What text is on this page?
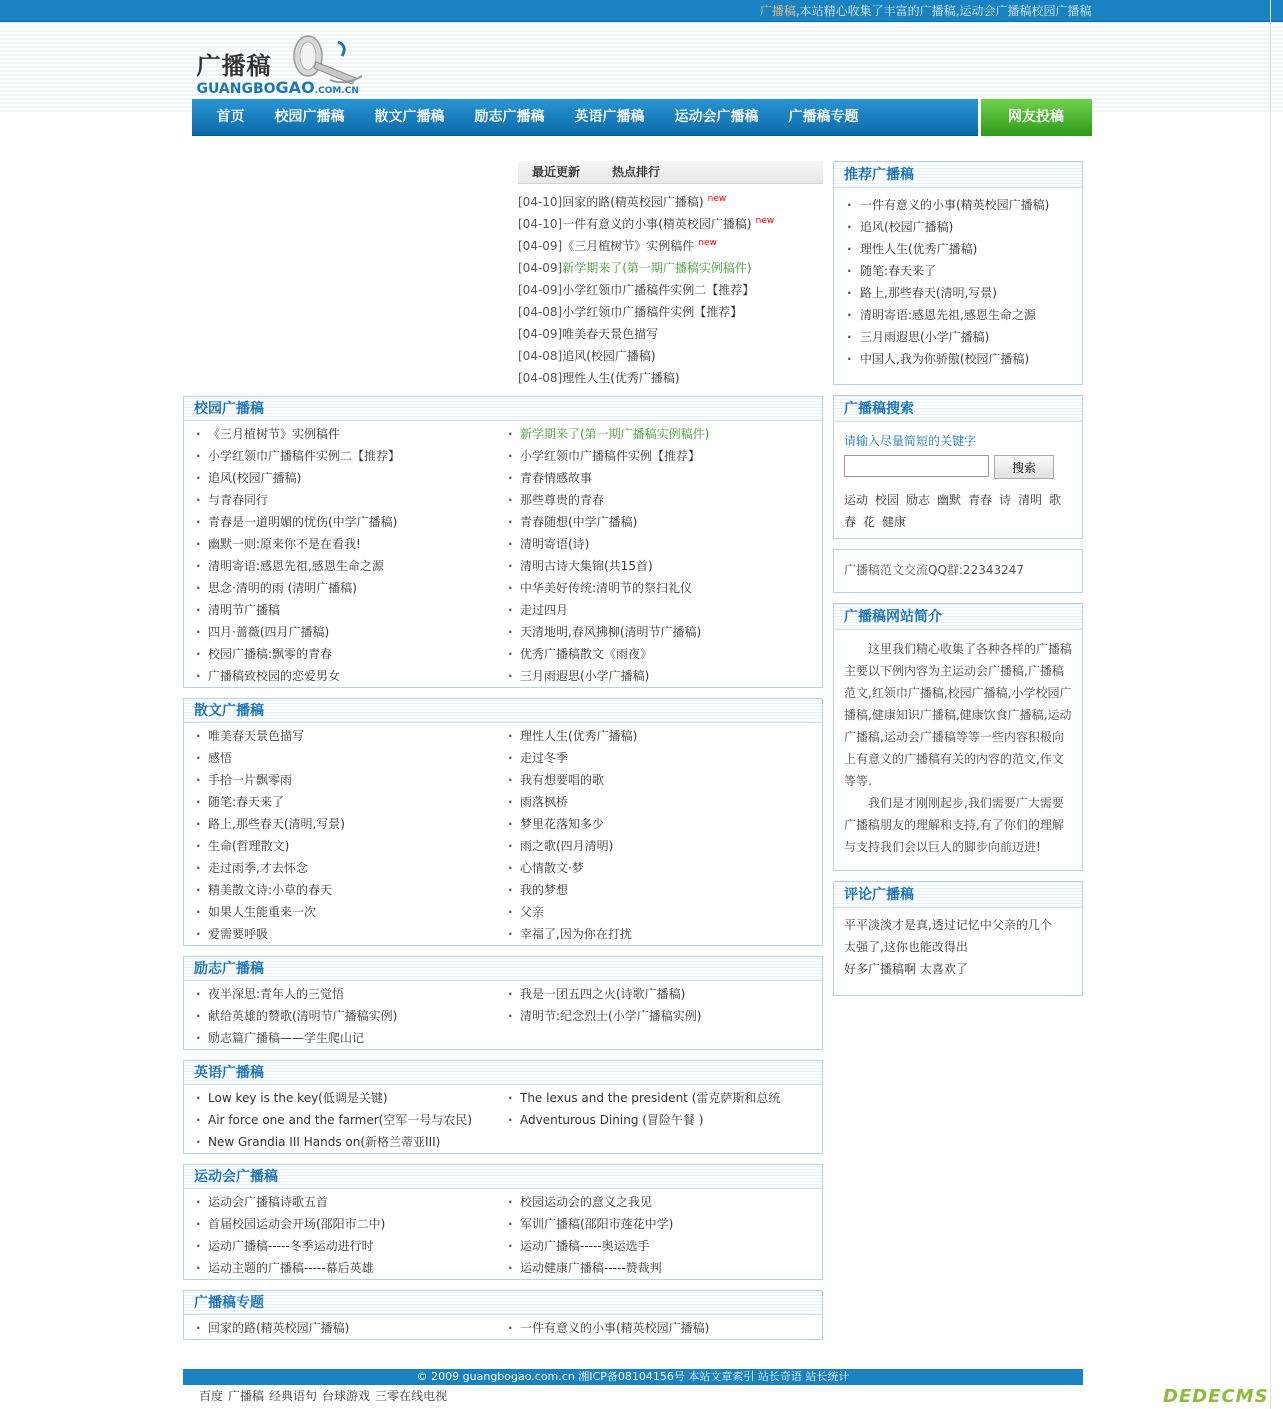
广播稿,本站精心收集了丰富的广播稿,运动会广播稿校园广播稿
广播稿
GUANGBOGAO.COM.CN
首页	校园广播稿	散文广播稿	励志广播稿	英语广播稿	运动会广播稿	广播稿专题	网友投稿
最近更新	热点排行
[04-10]回家的路(精英校园广播稿) $^{new}$
[04-10]一件有意义的小事(精英校园广播稿) $^{new}$
[04-09]《三月植树节》实例稿件 $^{new}$
[04-09]新学期来了(第一期广播稿实例稿件)
[04-09]小学红领巾广播稿件实例二【推荐】
[04-08]小学红领巾广播稿件实例【推荐】
[04-09]唯美春天景色描写
[04-08]追风(校园广播稿)
[04-08]理性人生(优秀广播稿)
校园广播稿
· 《三月植树节》实例稿件	· 新学期来了(第一期广播稿实例稿件)
· 小学红领巾广播稿件实例二【推荐】	· 小学红领巾广播稿件实例【推荐】
· 追风(校园广播稿)	· 青春情感故事
· 与青春同行	· 那些尊贵的青春
· 青春是一道明媚的忧伤(中学广播稿)	· 青春随想(中学广播稿)
· 幽默一则:原来你不是在看我!	· 清明寄语(诗)
· 清明寄语:感恩先祖,感恩生命之源	· 清明古诗大集锦(共15首)
· 思念·清明的雨 (清明广播稿)	· 中华美好传统:清明节的祭扫礼仪
· 清明节广播稿	· 走过四月
· 四月·蔷薇(四月广播稿)	· 天清地明,春风拂柳(清明节广播稿)
· 校园广播稿:飘零的青春	· 优秀广播稿散文《雨夜》
· 广播稿致校园的恋爱男女	· 三月雨遐思(小学广播稿)
散文广播稿
· 唯美春天景色描写	· 理性人生(优秀广播稿)
· 感悟	· 走过冬季
· 手拾一片飘零雨	· 我有想要唱的歌
· 随笔:春天来了	· 雨落枫桥
· 路上,那些春天(清明,写景)	· 梦里花落知多少
· 生命(哲理散文)	· 雨之歌(四月清明)
· 走过雨季,才去怀念	· 心情散文·梦
· 精美散文诗:小草的春天	· 我的梦想
· 如果人生能重来一次	· 父亲
· 爱需要呼吸	· 幸福了,因为你在打扰
励志广播稿
· 夜半深思:青年人的三觉悟	· 我是一团五四之火(诗歌广播稿)
· 献给英雄的赞歌(清明节广播稿实例)	· 清明节:纪念烈士(小学广播稿实例)
· 励志篇广播稿——学生爬山记
英语广播稿
· Low key is the key(低调是关键)	· The lexus and the president (雷克萨斯和总统
· Air force one and the farmer(空军一号与农民)	· Adventurous Dining (冒险午餐 )
· New Grandia III Hands on(新格兰蒂亚III)
运动会广播稿
· 运动会广播稿诗歌五首	· 校园运动会的意义之我见
· 首届校园运动会开场(邵阳市二中)	· 军训广播稿(邵阳市莲花中学)
· 运动广播稿-----冬季运动进行时	· 运动广播稿-----奥运选手
· 运动主题的广播稿-----幕后英雄	· 运动健康广播稿-----赞裁判
广播稿专题
· 回家的路(精英校园广播稿)	· 一件有意义的小事(精英校园广播稿)
推荐广播稿
· 一件有意义的小事(精英校园广播稿)
· 追风(校园广播稿)
· 理性人生(优秀广播稿)
· 随笔:春天来了
· 路上,那些春天(清明,写景)
· 清明寄语:感恩先祖,感恩生命之源
· 三月雨遐思(小学广播稿)
· 中国人,我为你骄傲(校园广播稿)
广播稿搜索
请输入尽量简短的关键字
搜索
运动 校园 励志 幽默 青春 诗 清明 歌春 花 健康
广播稿范文交流QQ群:22343247
广播稿网站简介

这里我们精心收集了各种各样的广播稿主要以下例内容为主运动会广播稿,广播稿范文,红领巾广播稿,校园广播稿,小学校园广播稿,健康知识广播稿,健康饮食广播稿,运动广播稿,运动会广播稿等等一些内容积极向上有意义的广播稿有关的内容的范文,作文等等.

我们是才刚刚起步,我们需要广大需要广播稿朋友的理解和支持,有了你们的理解与支持我们会以巨人的脚步向前迈进!

评论广播稿
平平淡淡才是真,透过记忆中父亲的几个
太强了,这你也能改得出
好多广播稿啊 太喜欢了
© 2009 guangbogao.com.cn 湘ICP备08104156号 本站文章索引 站长奇语 站长统计
百度 广播稿 经典语句 台球游戏 三零在线电视	DEDECMS
